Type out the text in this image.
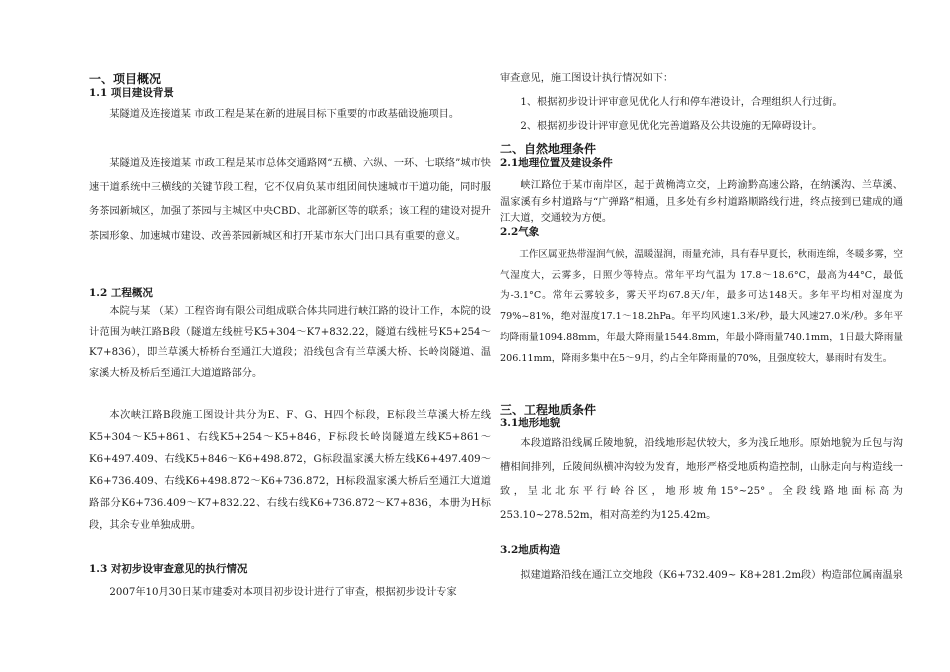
一、项目概况
1.1 项目建设背景

某隧道及连接道某 市政工程是某在新的进展目标下重要的市政基础设施项目。

某隧道及连接道某 市政工程是某市总体交通路网“五横、六纵、一环、七联络”城市快速干道系统中三横线的关键节段工程，它不仅肩负某市组团间快速城市干道功能，同时服务茶园新城区，加强了茶园与主城区中央CBD、北部新区等的联系；该工程的建设对提升茶园形象、加速城市建设、改善茶园新城区和打开某市东大门出口具有重要的意义。

1.2 工程概况

本院与某 （某）工程咨询有限公司组成联合体共同进行峡江路的设计工作，本院的设计范围为峡江路B段（隧道左线桩号K5+304～K7+832.22，隧道右线桩号K5+254～K7+836），即兰草溪大桥桥台至通江大道段；沿线包含有兰草溪大桥、长岭岗隧道、温家溪大桥及桥后至通江大道道路部分。

本次峡江路B段施工图设计共分为E、F、G、H四个标段，E标段兰草溪大桥左线K5+304～K5+861、右线K5+254～K5+846，F标段长岭岗隧道左线K5+861～K6+497.409、右线K5+846～K6+498.872，G标段温家溪大桥左线K6+497.409～K6+736.409、右线K6+498.872～K6+736.872，H标段温家溪大桥后至通江大道道路部分K6+736.409～K7+832.22、右线右线K6+736.872～K7+836，本册为H标段，其余专业单独成册。

1.3 对初步设审查意见的执行情况

2007年10月30日某市建委对本项目初步设计进行了审查，根据初步设计专家

审查意见，施工图设计执行情况如下：

1、根据初步设计评审意见优化人行和停车港设计，合理组织人行过街。

2、根据初步设计评审意见优化完善道路及公共设施的无障碍设计。

二、自然地理条件
2.1地理位置及建设条件

峡江路位于某市南岸区，起于黄桷湾立交，上跨渝黔高速公路，在纳溪沟、兰草溪、温家溪有乡村道路与“广弹路”相通，且多处有乡村道路顺路线行进，终点接到已建成的通江大道，交通较为方便。

2.2气象

工作区属亚热带湿润气候，温暖湿润，雨量充沛，具有春早夏长，秋雨连绵，冬暖多雾，空气湿度大，云雾多，日照少等特点。常年平均气温为 17.8～18.6°C，最高为44°C，最低为-3.1°C。常年云雾较多，雾天平均67.8天/年，最多可达148天。多年平均相对湿度为79%~81%，绝对湿度17.1～18.2hPa。年平均风速1.3米/秒，最大风速27.0米/秒。多年平均降雨量1094.88mm，年最大降雨量1544.8mm，年最小降雨量740.1mm，1日最大降雨量206.11mm，降雨多集中在5～9月，约占全年降雨量的70%，且强度较大，暴雨时有发生。

三、工程地质条件
3.1地形地貌

本段道路沿线属丘陵地貌，沿线地形起伏较大，多为浅丘地形。原始地貌为丘包与沟槽相间排列，丘陵间纵横冲沟较为发育，地形严格受地质构造控制，山脉走向与构造线一致，呈北北东平行岭谷区，地形坡角15°~25°。全段线路地面标高为253.10~278.52m，相对高差约为125.42m。

3.2地质构造

拟建道路沿线在通江立交地段（K6+732.409~ K8+281.2m段）构造部位属南温泉
